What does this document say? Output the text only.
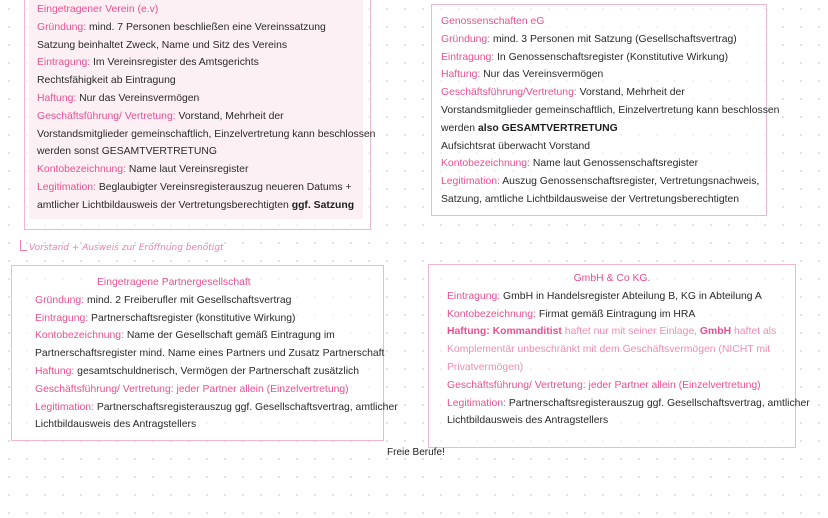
Eingetragener Verein (e.v)
Gründung: mind. 7 Personen beschließen eine Vereinssatzung
Satzung beinhaltet Zweck, Name und Sitz des Vereins
Eintragung: Im Vereinsregister des Amtsgerichts
Rechtsfähigkeit ab Eintragung
Haftung: Nur das Vereinsvermögen
Geschäftsführung/ Vertretung: Vorstand, Mehrheit der
Vorstandsmitglieder gemeinschaftlich, Einzelvertretung kann beschlossen
werden sonst GESAMTVERTRETUNG
Kontobezeichnung: Name laut Vereinsregister
Legitimation: Beglaubigter Vereinsregisterauszug neueren Datums +
amtlicher Lichtbildausweis der Vertretungsberechtigten ggf. Satzung
Vorstand + Ausweis zur Eröffnung benötigt
Genossenschaften eG
Gründung: mind. 3 Personen mit Satzung (Gesellschaftsvertrag)
Eintragung: In Genossenschaftsregister (Konstitutive Wirkung)
Haftung: Nur das Vereinsvermögen
Geschäftsführung/Vertretung: Vorstand, Mehrheit der
Vorstandsmitglieder gemeinschaftlich, Einzelvertretung kann beschlossen
werden also GESAMTVERTRETUNG
Aufsichtsrat überwacht Vorstand
Kontobezeichnung: Name laut Genossenschaftsregister
Legitimation: Auszug Genossenschaftsregister, Vertretungsnachweis,
Satzung, amtliche Lichtbildausweise der Vertretungsberechtigten
Eingetragene Partnergesellschaft
Gründung: mind. 2 Freiberufler mit Gesellschaftsvertrag
Eintragung: Partnerschaftsregister (konstitutive Wirkung)
Kontobezeichnung: Name der Gesellschaft gemäß Eintragung im
Partnerschaftsregister mind. Name eines Partners und Zusatz Partnerschaft
Haftung: gesamtschuldnerisch, Vermögen der Partnerschaft zusätzlich
Geschäftsführung/ Vertretung: jeder Partner allein (Einzelvertretung)
Legitimation: Partnerschaftsregisterauszug ggf. Gesellschaftsvertrag, amtlicher
Lichtbildausweis des Antragstellers
GmbH & Co KG.
Eintragung: GmbH in Handelsregister Abteilung B, KG in Abteilung A
Kontobezeichnung: Firmat gemäß Eintragung im HRA
Haftung: Kommanditist haftet nur mit seiner Einlage, GmbH haftet als
Komplementär unbeschränkt mit dem Geschäftsvermögen (NICHT mit
Privatvermögen)
Geschäftsführung/ Vertretung: jeder Partner allein (Einzelvertretung)
Legitimation: Partnerschaftsregisterauszug ggf. Gesellschaftsvertrag, amtlicher
Lichtbildausweis des Antragstellers
Freie Berufe!
